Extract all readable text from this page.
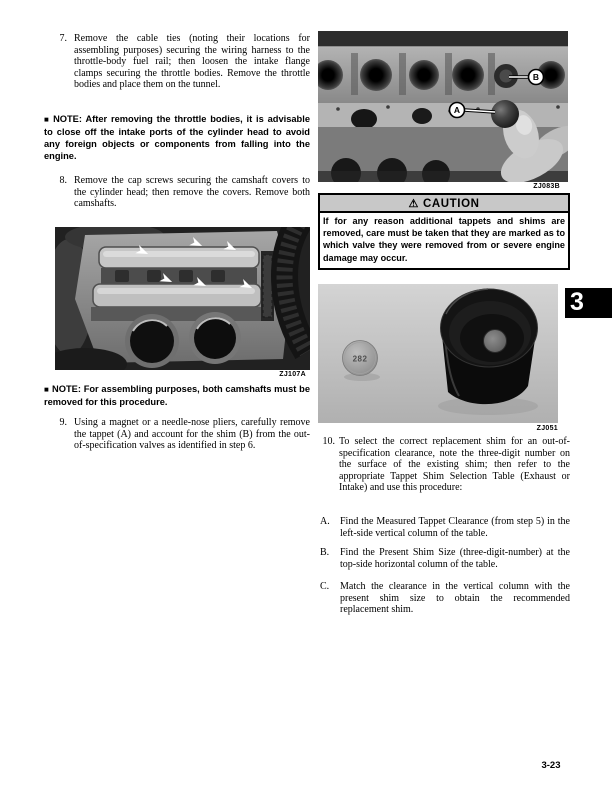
7. Remove the cable ties (noting their locations for assembling purposes) securing the wiring harness to the throttle-body fuel rail; then loosen the intake flange clamps securing the throttle bodies. Remove the throttle bodies and place them on the tunnel.
■ NOTE: After removing the throttle bodies, it is advisable to close off the intake ports of the cylinder head to avoid any foreign objects or components from falling into the engine.
8. Remove the cap screws securing the camshaft covers to the cylinder head; then remove the covers. Remove both camshafts.
ZJ107A
■ NOTE: For assembling purposes, both camshafts must be removed for this procedure.
9. Using a magnet or a needle-nose pliers, carefully remove the tappet (A) and account for the shim (B) from the out-of-specification valves as identified in step 6.
A
B
ZJ083B
⚠ CAUTION
If for any reason additional tappets and shims are removed, care must be taken that they are marked as to which valve they were removed from or severe engine damage may occur.
282
ZJ051
10. To select the correct replacement shim for an out-of-specification clearance, note the three-digit number on the surface of the existing shim; then refer to the appropriate Tappet Shim Selection Table (Exhaust or Intake) and use this procedure:
A. Find the Measured Tappet Clearance (from step 5) in the left-side vertical column of the table.
B. Find the Present Shim Size (three-digit-number) at the top-side horizontal column of the table.
C. Match the clearance in the vertical column with the present shim size to obtain the recommended replacement shim.
3
3-23
